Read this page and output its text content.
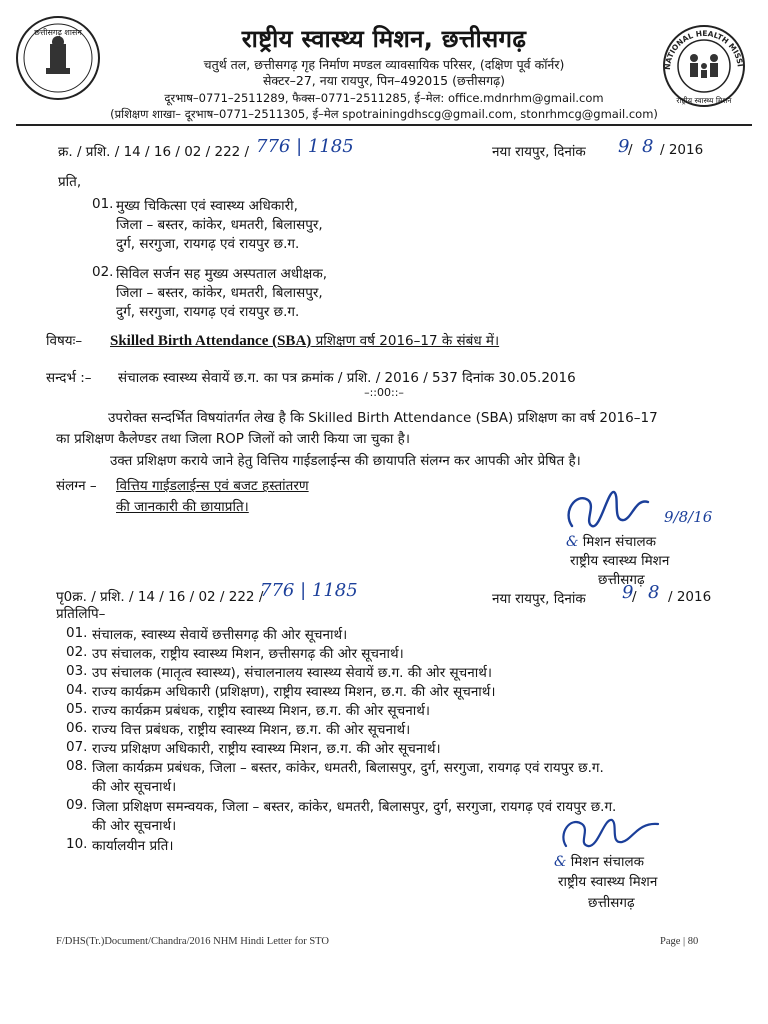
छत्तीसगढ़ शासन	राष्ट्रीय स्वास्थ्य मिशन, छत्तीसगढ़
चतुर्थ तल, छत्तीसगढ़ गृह निर्माण मण्डल व्यावसायिक परिसर, (दक्षिण पूर्व कॉर्नर)
सेक्टर–27, नया रायपुर, पिन–492015 (छत्तीसगढ़)
दूरभाष–0771–2511289, फैक्स–0771–2511285, ई–मेल: office.mdnrhm@gmail.com
(प्रशिक्षण शाखा– दूरभाष–0771–2511305, ई–मेल spotrainingdhscg@gmail.com, stonrhmcg@gmail.com)
NATIONAL HEALTH MISSI
राष्ट्रीय स्वास्थ्य मिशन
क्र. / प्रशि. / 14 / 16 / 02 / 222 / 776 | 1185	नया रायपुर, दिनांक 9
/ 8 / 2016
प्रति,
01. मुख्य चिकित्सा एवं स्वास्थ्य अधिकारी,
जिला – बस्तर, कांकेर, धमतरी, बिलासपुर,
दुर्ग, सरगुजा, रायगढ़ एवं रायपुर छ.ग.
02. सिविल सर्जन सह मुख्य अस्पताल अधीक्षक,
जिला – बस्तर, कांकेर, धमतरी, बिलासपुर,
दुर्ग, सरगुजा, रायगढ़ एवं रायपुर छ.ग.
विषयः– Skilled Birth Attendance (SBA) प्रशिक्षण वर्ष 2016–17 के संबंध में।
सन्दर्भ :– संचालक स्वास्थ्य सेवायें छ.ग. का पत्र क्रमांक / प्रशि. / 2016 / 537 दिनांक 30.05.2016
–::00::–
उपरोक्त सन्दर्भित विषयांतर्गत लेख है कि Skilled Birth Attendance (SBA) प्रशिक्षण का वर्ष 2016–17
का प्रशिक्षण कैलेण्डर तथा जिला ROP जिलों को जारी किया जा चुका है।
उक्त प्रशिक्षण कराये जाने हेतु वित्तिय गाईडलाईन्स की छायापति संलग्न कर आपकी ओर प्रेषित है।
संलग्न – वित्तिय गाईडलाईन्स एवं बजट हस्तांतरण
की जानकारी की छायाप्रति।
9/8/16
& मिशन संचालक
राष्ट्रीय स्वास्थ्य मिशन
छत्तीसगढ़
पृ0क्र. / प्रशि. / 14 / 16 / 02 / 222 /
776 | 1185	नया रायपुर, दिनांक 9
/ 8 / 2016
प्रतिलिपि–
01. संचालक, स्वास्थ्य सेवायें छत्तीसगढ़ की ओर सूचनार्थ।
02. उप संचालक, राष्ट्रीय स्वास्थ्य मिशन, छत्तीसगढ़ की ओर सूचनार्थ।
03. उप संचालक (मातृत्व स्वास्थ्य), संचालनालय स्वास्थ्य सेवायें छ.ग. की ओर सूचनार्थ।
04. राज्य कार्यक्रम अधिकारी (प्रशिक्षण), राष्ट्रीय स्वास्थ्य मिशन, छ.ग. की ओर सूचनार्थ।
05. राज्य कार्यक्रम प्रबंधक, राष्ट्रीय स्वास्थ्य मिशन, छ.ग. की ओर सूचनार्थ।
06. राज्य वित्त प्रबंधक, राष्ट्रीय स्वास्थ्य मिशन, छ.ग. की ओर सूचनार्थ।
07. राज्य प्रशिक्षण अधिकारी, राष्ट्रीय स्वास्थ्य मिशन, छ.ग. की ओर सूचनार्थ।
08. जिला कार्यक्रम प्रबंधक, जिला – बस्तर, कांकेर, धमतरी, बिलासपुर, दुर्ग, सरगुजा, रायगढ़ एवं रायपुर छ.ग.
की ओर सूचनार्थ।
09. जिला प्रशिक्षण समन्वयक, जिला – बस्तर, कांकेर, धमतरी, बिलासपुर, दुर्ग, सरगुजा, रायगढ़ एवं रायपुर छ.ग.
की ओर सूचनार्थ।
10. कार्यालयीन प्रति।
& मिशन संचालक
राष्ट्रीय स्वास्थ्य मिशन
छत्तीसगढ़
F/DHS(Tr.)Document/Chandra/2016 NHM Hindi Letter for STO	Page | 80
